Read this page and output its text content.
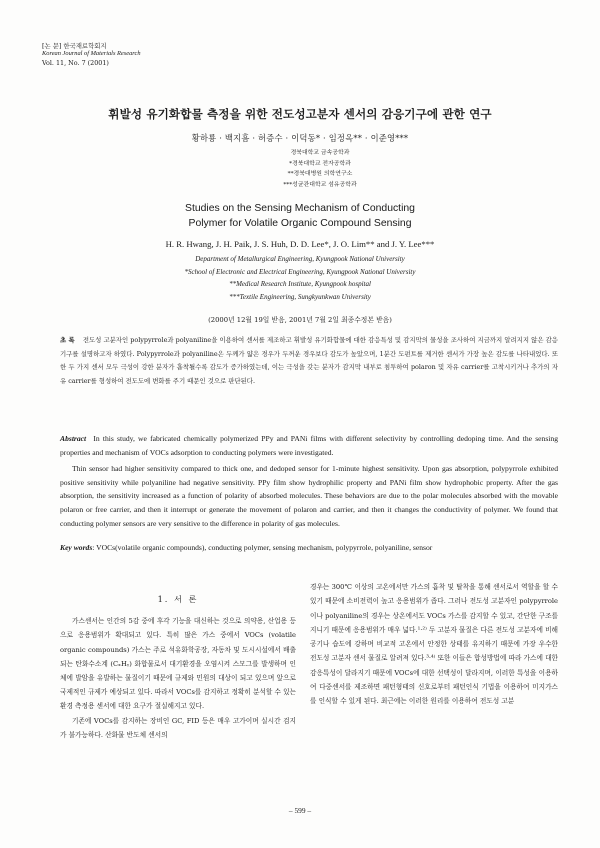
[논 문] 한국재료학회지
Korean Journal of Materials Research
Vol. 11, No. 7 (2001)
휘발성 유기화합물 측정을 위한 전도성고분자 센서의 감응기구에 관한 연구
황하룡 · 백지흠 · 허증수 · 이덕동* · 임정옥** · 이준영***
경북대학교 금속공학과
*경북대학교 전자공학과
**경북대병원 의학연구소
***성균관대학교 섬유공학과
Studies on the Sensing Mechanism of Conducting
Polymer for Volatile Organic Compound Sensing
H. R. Hwang, J. H. Paik, J. S. Huh, D. D. Lee*, J. O. Lim** and J. Y. Lee***
Department of Metallurgical Engineering, Kyungpook National University
*School of Electronic and Electrical Engineering, Kyungpook National University
**Medical Research Institute, Kyungpook hospital
***Textile Engineering, Sungkyunkwan University
(2000년 12월 19일 받음, 2001년 7월 2일 최종수정본 받음)
초 록 전도성 고분자인 polypyrrole과 polyaniline을 이용하여 센서를 제조하고 휘발성 유기화합물에 대한 감응특성 및 감지막의 물성을 조사하여 지금까지 알려지지 않은 감응 기구를 설명하고자 하였다. Polypyrrole과 polyaniline은 두께가 얇은 경우가 두꺼운 경우보다 감도가 높았으며, 1분간 도펀트를 제거한 센서가 가장 높은 감도를 나타내었다. 또한 두 가지 센서 모두 극성이 강한 분자가 흡착될수록 감도가 증가하였는데, 이는 극성을 갖는 분자가 감지막 내부로 침투하여 polaron 및 자유 carrier를 고착시키거나 추가의 자유 carrier를 형성하여 전도도에 변화를 주기 때문인 것으로 판단된다.

Abstract In this study, we fabricated chemically polymerized PPy and PANi films with different selectivity by controlling dedoping time. And the sensing properties and mechanism of VOCs adsorption to conducting polymers were investigated.

Thin sensor had higher sensitivity compared to thick one, and dedoped sensor for 1-minute highest sensitivity. Upon gas absorption, polypyrrole exhibited positive sensitivity while polyaniline had negative sensitivity. PPy film show hydrophilic property and PANi film show hydrophobic property. After the gas absorption, the sensitivity increased as a function of polarity of absorbed molecules. These behaviors are due to the polar molecules absorbed with the movable polaron or free carrier, and then it interrupt or generate the movement of polaron and carrier, and then it changes the conductivity of polymer. We found that conducting polymer sensors are very sensitive to the difference in polarity of gas molecules.

Key words: VOCs(volatile organic compounds), conducting polymer, sensing mechanism, polypyrrole, polyaniline, sensor
1. 서 론

가스센서는 인간의 5감 중에 후각 기능을 대신하는 것으로 의약용, 산업용 등으로 응용범위가 확대되고 있다. 특히 많은 가스 중에서 VOCs (volatile organic compounds) 가스는 주로 석유화학공장, 자동차 및 도시시설에서 배출되는 탄화수소계 (CₓHᵧ) 화합물로서 대기환경을 오염시켜 스모그를 발생하며 인체에 발암을 유발하는 물질이기 때문에 규제와 민원의 대상이 되고 있으며 앞으로 국제적인 규제가 예상되고 있다. 따라서 VOCs를 감지하고 정확히 분석할 수 있는 환경 측정용 센서에 대한 요구가 절실해지고 있다.

기존에 VOCs를 감지하는 장비인 GC, FID 등은 매우 고가이며 실시간 검지가 불가능하다. 산화물 반도체 센서의

경우는 300℃ 이상의 고온에서만 가스의 흡착 및 탈착을 통해 센서로서 역할을 할 수 있기 때문에 소비전력이 높고 응용범위가 좁다. 그러나 전도성 고분자인 polypyrrole이나 polyaniline의 경우는 상온에서도 VOCs 가스를 감지할 수 있고, 간단한 구조를 지니기 때문에 응용범위가 매우 넓다.¹·²⁾ 두 고분자 물질은 다른 전도성 고분자에 비해 공기나 습도에 강하며 비교적 고온에서 안정한 상태를 유지하기 때문에 가장 우수한 전도성 고분자 센서 물질로 알려져 있다.³·⁴⁾ 또한 이들은 합성방법에 따라 가스에 대한 감응특성이 달라지기 때문에 VOCs에 대한 선택성이 달라지며, 이러한 특성을 이용하여 다중센서를 제조하면 패턴형태의 신호로부터 패턴인식 기법을 이용하여 미지가스를 인식할 수 있게 된다. 최근에는 이러한 원리를 이용하여 전도성 고분

– 599 –
